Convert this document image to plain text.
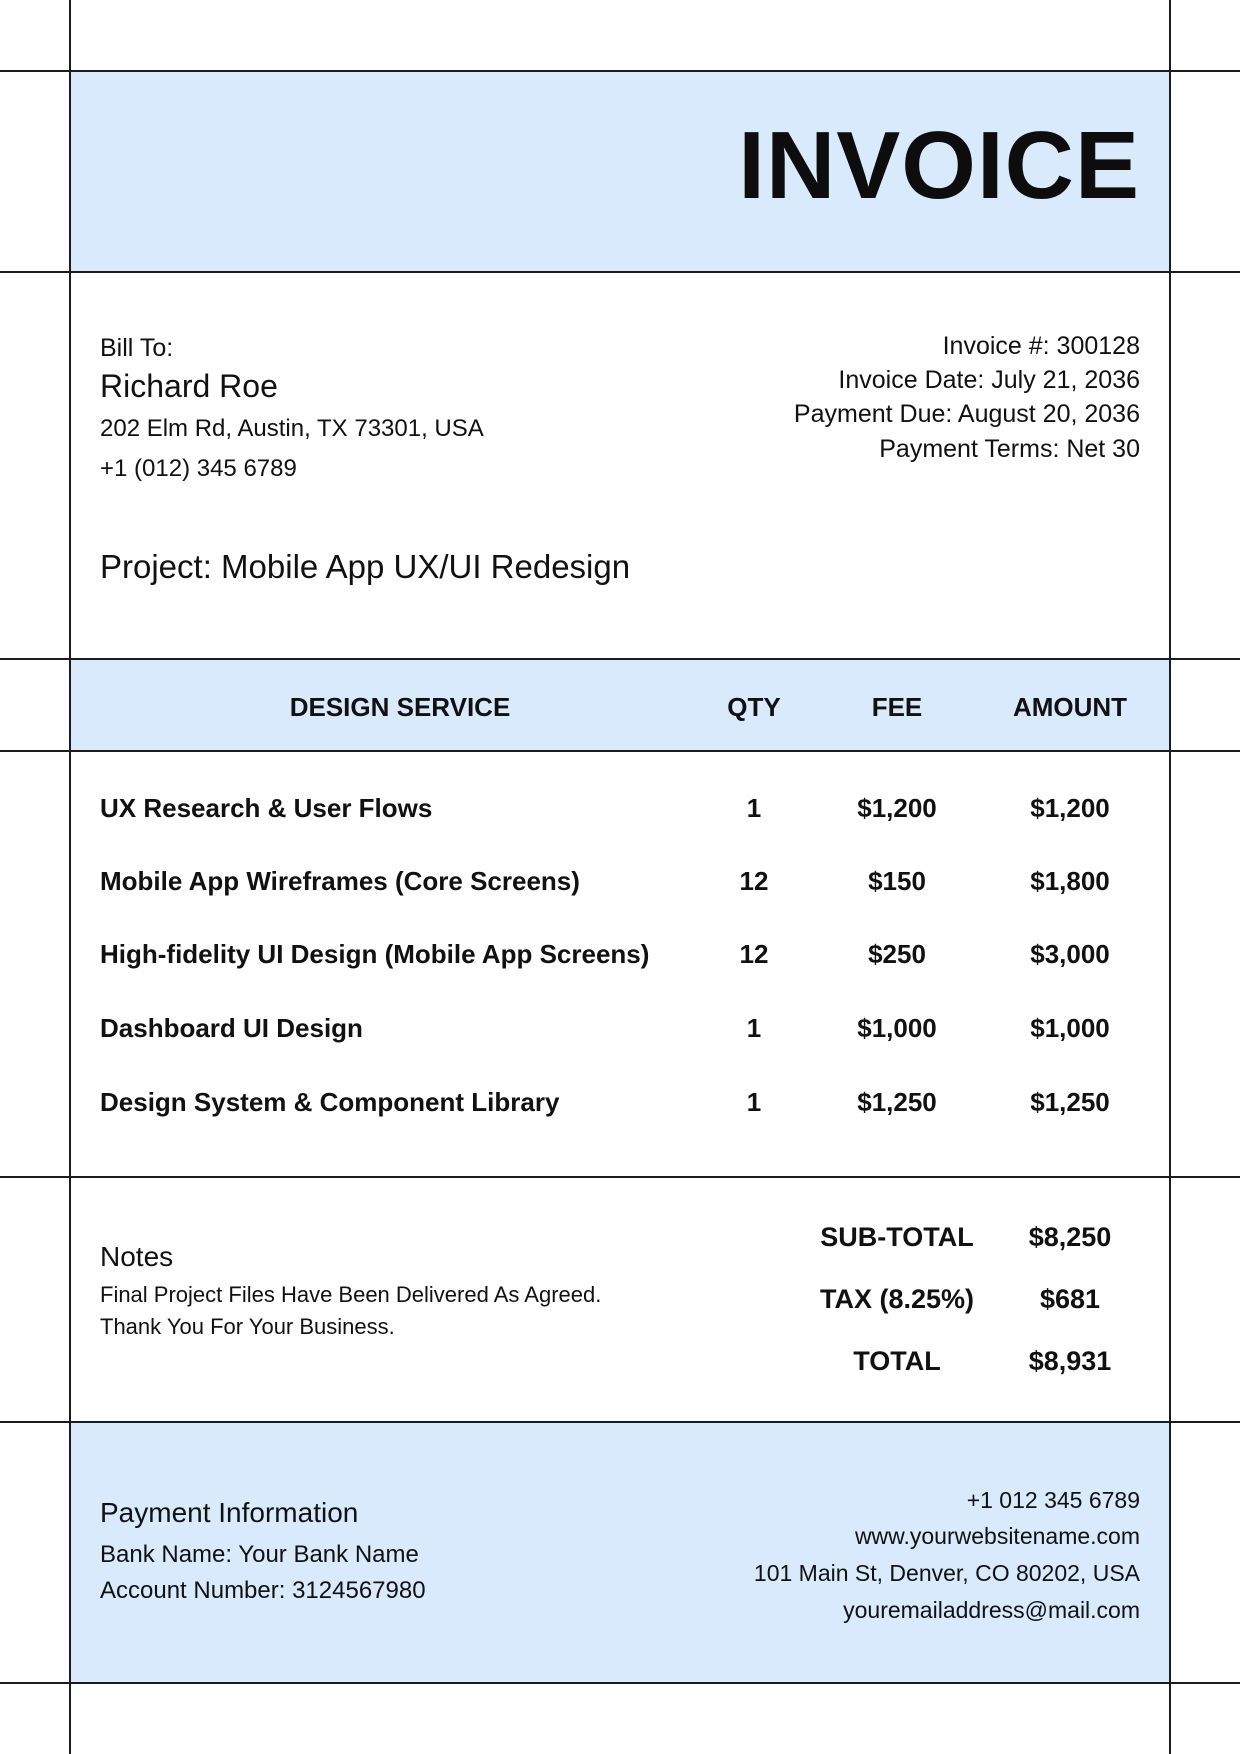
INVOICE
Bill To:
Richard Roe
202 Elm Rd, Austin, TX 73301, USA
+1 (012) 345 6789
Invoice #: 300128
Invoice Date: July 21, 2036
Payment Due: August 20, 2036
Payment Terms: Net 30
Project: Mobile App UX/UI Redesign
DESIGN SERVICE	QTY	FEE	AMOUNT
UX Research & User Flows	1	$1,200	$1,200
Mobile App Wireframes (Core Screens)	12	$150	$1,800
High-fidelity UI Design (Mobile App Screens)	12	$250	$3,000
Dashboard UI Design	1	$1,000	$1,000
Design System & Component Library	1	$1,250	$1,250
Notes
Final Project Files Have Been Delivered As Agreed.
Thank You For Your Business.
SUB-TOTAL	$8,250
TAX (8.25%)	$681
TOTAL	$8,931
Payment Information
Bank Name: Your Bank Name
Account Number: 3124567980
+1 012 345 6789
www.yourwebsitename.com
101 Main St, Denver, CO 80202, USA
youremailaddress@mail.com
